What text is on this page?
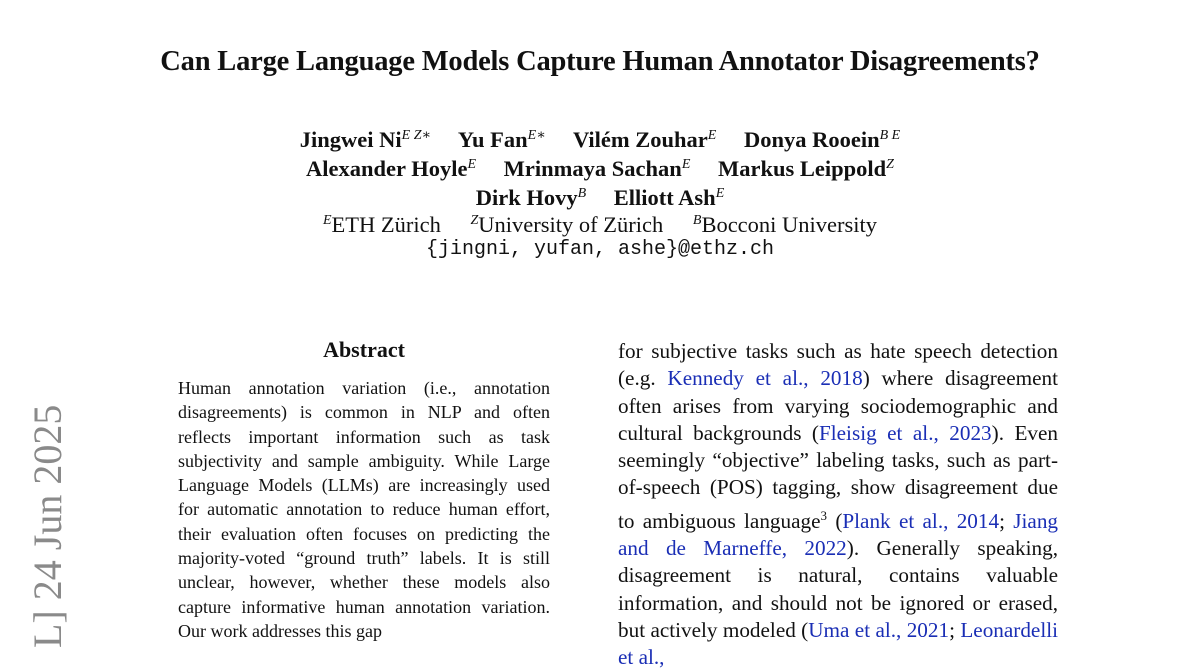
Can Large Language Models Capture Human Annotator Disagreements?
Jingwei $Ni^{E Z∗}$ Yu Fan$^{E∗}$ Vilém Zouhar$^E$ Donya Rooein$^{B E}$
Alexander Hoyle$^E$ Mrinmaya Sachan$^E$ Markus Leippold$^Z$
Dirk Hovy$^B$ Elliott Ash$^E$
$^E$ETH Zürich $^Z$University of Zürich $^B$Bocconi University
{jingni, yufan, ashe}@ethz.ch
Abstract
Human annotation variation (i.e., annotation disagreements) is common in NLP and often reflects important information such as task subjectivity and sample ambiguity. While Large Language Models (LLMs) are increasingly used for automatic annotation to reduce human effort, their evaluation often focuses on predicting the majority-voted “ground truth” labels. It is still unclear, however, whether these models also capture informative human annotation variation. Our work addresses this gap
for subjective tasks such as hate speech detection (e.g. Kennedy et al., 2018) where disagreement often arises from varying sociodemographic and cultural backgrounds (Fleisig et al., 2023). Even seemingly “objective” labeling tasks, such as part-of-speech (POS) tagging, show disagreement due to ambiguous language$^3$ (Plank et al., 2014; Jiang and de Marneffe, 2022). Generally speaking, disagreement is natural, contains valuable information, and should not be ignored or erased, but actively modeled (Uma et al., 2021; Leonardelli et al.,
L] 24 Jun 2025
